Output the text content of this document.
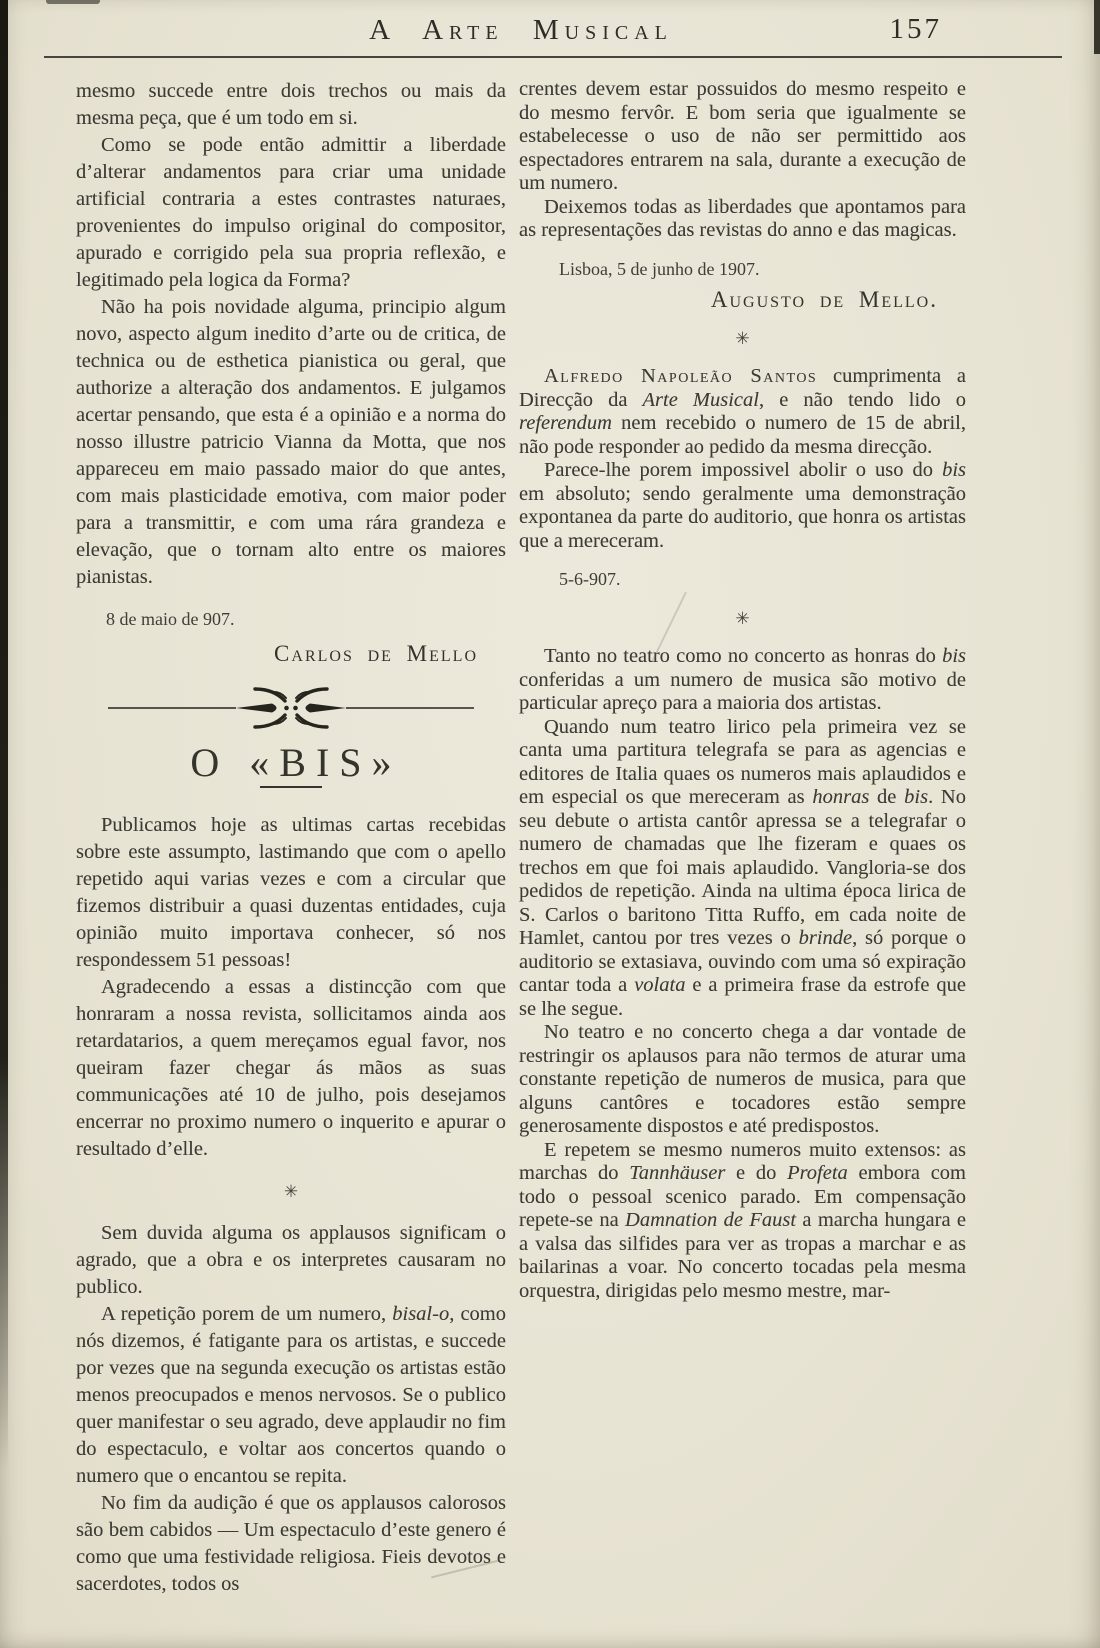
A Arte Musical	157

mesmo succede entre dois trechos ou mais da mesma peça, que é um todo em si.

Como se pode então admittir a liberdade d’alterar andamentos para criar uma unidade artificial contraria a estes contrastes naturaes, provenientes do impulso original do compositor, apurado e corrigido pela sua propria reflexão, e legitimado pela logica da Forma?

Não ha pois novidade alguma, principio algum novo, aspecto algum inedito d’arte ou de critica, de technica ou de esthetica pianistica ou geral, que authorize a alteração dos andamentos. E julgamos acertar pensando, que esta é a opinião e a norma do nosso illustre patricio Vianna da Motta, que nos appareceu em maio passado maior do que antes, com mais plasticidade emotiva, com maior poder para a transmittir, e com uma rára grandeza e elevação, que o tornam alto entre os maiores pianistas.

8 de maio de 907.
Carlos de Mello
O «BIS»

Publicamos hoje as ultimas cartas recebidas sobre este assumpto, lastimando que com o apello repetido aqui varias vezes e com a circular que fizemos distribuir a quasi duzentas entidades, cuja opinião muito importava conhecer, só nos respondessem 51 pessoas!

Agradecendo a essas a distincção com que honraram a nossa revista, sollicitamos ainda aos retardatarios, a quem mereçamos egual favor, nos queiram fazer chegar ás mãos as suas communicações até 10 de julho, pois desejamos encerrar no proximo numero o inquerito e apurar o resultado d’elle.

✳

Sem duvida alguma os applausos significam o agrado, que a obra e os interpretes causaram no publico.

A repetição porem de um numero, bisal-o, como nós dizemos, é fatigante para os artistas, e succede por vezes que na segunda execução os artistas estão menos preocupados e menos nervosos. Se o publico quer manifestar o seu agrado, deve applaudir no fim do espectaculo, e voltar aos concertos quando o numero que o encantou se repita.

No fim da audição é que os applausos calorosos são bem cabidos — Um espectaculo d’este genero é como que uma festividade religiosa. Fieis devotos e sacerdotes, todos os

crentes devem estar possuidos do mesmo respeito e do mesmo fervôr. E bom seria que igualmente se estabelecesse o uso de não ser permittido aos espectadores entrarem na sala, durante a execução de um numero.

Deixemos todas as liberdades que apontamos para as representações das revistas do anno e das magicas.

Lisboa, 5 de junho de 1907.
Augusto de Mello.
✳

Alfredo Napoleão Santos cumprimenta a Direcção da Arte Musical, e não tendo lido o referendum nem recebido o numero de 15 de abril, não pode responder ao pedido da mesma direcção.

Parece-lhe porem impossivel abolir o uso do bis em absoluto; sendo geralmente uma demonstração expontanea da parte do auditorio, que honra os artistas que a mereceram.

5-6-907.
✳

Tanto no teatro como no concerto as honras do bis conferidas a um numero de musica são motivo de particular apreço para a maioria dos artistas.

Quando num teatro lirico pela primeira vez se canta uma partitura telegrafa se para as agencias e editores de Italia quaes os numeros mais aplaudidos e em especial os que mereceram as honras de bis. No seu debute o artista cantôr apressa se a telegrafar o numero de chamadas que lhe fizeram e quaes os trechos em que foi mais aplaudido. Vangloria-se dos pedidos de repetição. Ainda na ultima época lirica de S. Carlos o baritono Titta Ruffo, em cada noite de Hamlet, cantou por tres vezes o brinde, só porque o auditorio se extasiava, ouvindo com uma só expiração cantar toda a volata e a primeira frase da estrofe que se lhe segue.

No teatro e no concerto chega a dar vontade de restringir os aplausos para não termos de aturar uma constante repetição de numeros de musica, para que alguns cantôres e tocadores estão sempre generosamente dispostos e até predispostos.

E repetem se mesmo numeros muito extensos: as marchas do Tannhäuser e do Profeta embora com todo o pessoal scenico parado. Em compensação repete-se na Damnation de Faust a marcha hungara e a valsa das silfides para ver as tropas a marchar e as bailarinas a voar. No concerto tocadas pela mesma orquestra, dirigidas pelo mesmo mestre, mar-
